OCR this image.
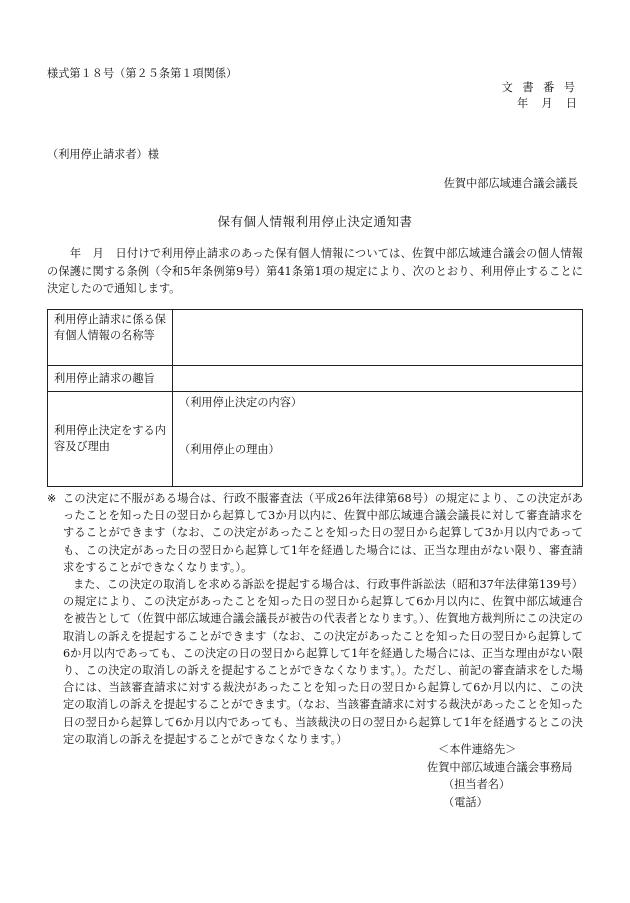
様式第１８号（第２５条第１項関係）
文 書 番 号
年　月　日
（利用停止請求者）様
佐賀中部広域連合議会議長
保有個人情報利用停止決定通知書

　　年　月　日付けで利用停止請求のあった保有個人情報については、佐賀中部広域連合議会の個人情報の保護に関する条例（令和5年条例第9号）第41条第1項の規定により、次のとおり、利用停止することに決定したので通知します。

利用停止請求に係る保有個人情報の名称等	
利用停止請求の趣旨	
利用停止決定をする内容及び理由	（利用停止決定の内容）
（利用停止の理由）
※ この決定に不服がある場合は、行政不服審査法（平成26年法律第68号）の規定により、この決定があったことを知った日の翌日から起算して3か月以内に、佐賀中部広域連合議会議長に対して審査請求をすることができます（なお、この決定があったことを知った日の翌日から起算して3か月以内であっても、この決定があった日の翌日から起算して1年を経過した場合には、正当な理由がない限り、審査請求をすることができなくなります。）。

また、この決定の取消しを求める訴訟を提起する場合は、行政事件訴訟法（昭和37年法律第139号）の規定により、この決定があったことを知った日の翌日から起算して6か月以内に、佐賀中部広域連合を被告として（佐賀中部広域連合議会議長が被告の代表者となります。）、佐賀地方裁判所にこの決定の取消しの訴えを提起することができます（なお、この決定があったことを知った日の翌日から起算して6か月以内であっても、この決定の日の翌日から起算して1年を経過した場合には、正当な理由がない限り、この決定の取消しの訴えを提起することができなくなります。）。ただし、前記の審査請求をした場合には、当該審査請求に対する裁決があったことを知った日の翌日から起算して6か月以内に、この決定の取消しの訴えを提起することができます。（なお、当該審査請求に対する裁決があったことを知った日の翌日から起算して6か月以内であっても、当該裁決の日の翌日から起算して1年を経過するとこの決定の取消しの訴えを提起することができなくなります。）

＜本件連絡先＞
佐賀中部広域連合議会事務局
（担当者名）
（電話）
